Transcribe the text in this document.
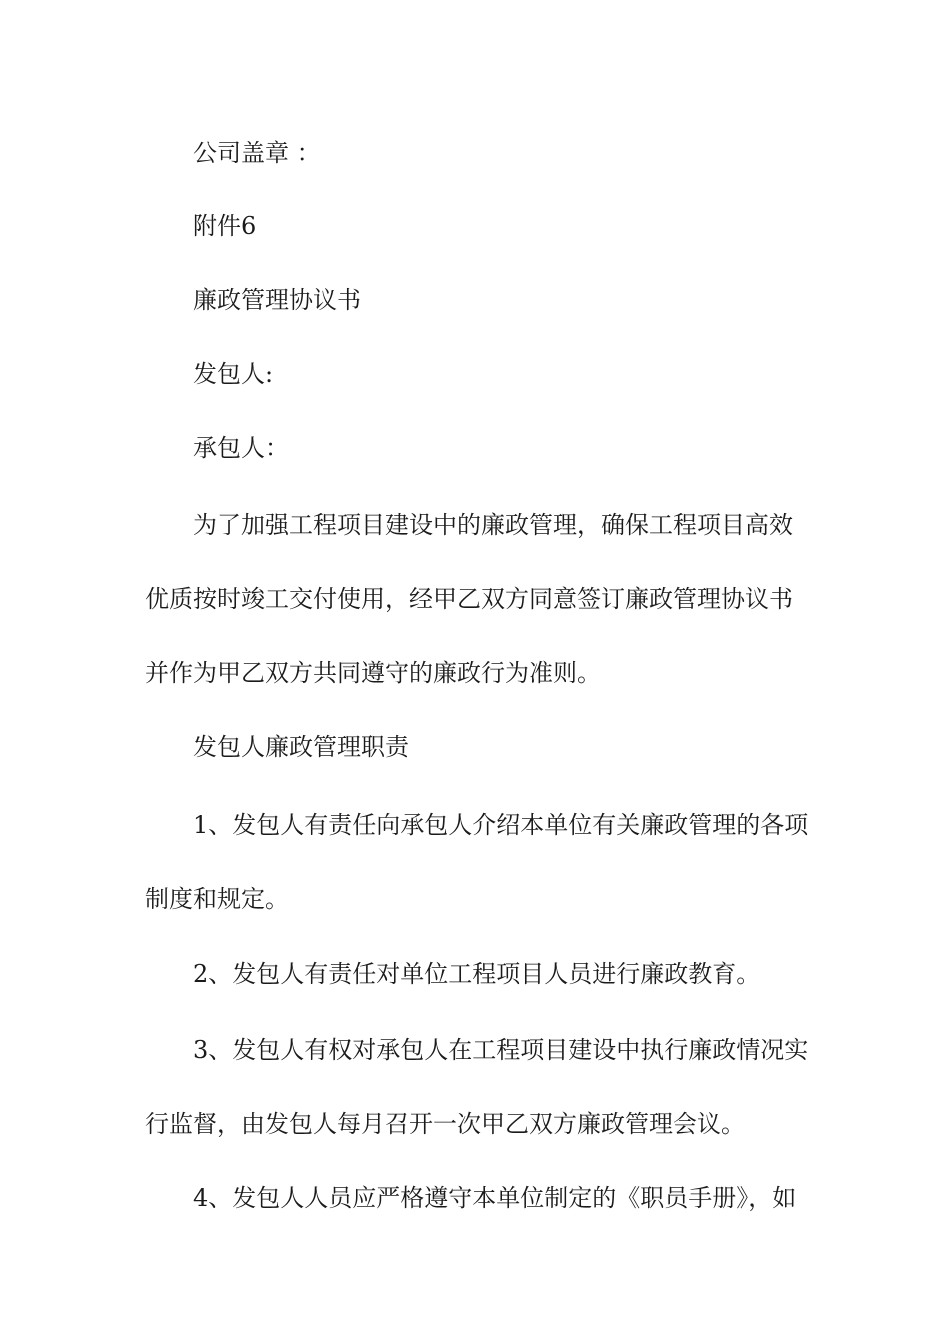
公司盖章 ：
附件6
廉政管理协议书
发包人:
承包人：
为了加强工程项目建设中的廉政管理，确保工程项目高效
优质按时竣工交付使用，经甲乙双方同意签订廉政管理协议书
并作为甲乙双方共同遵守的廉政行为准则。
发包人廉政管理职责
1、发包人有责任向承包人介绍本单位有关廉政管理的各项
制度和规定。
2、发包人有责任对单位工程项目人员进行廉政教育。
3、发包人有权对承包人在工程项目建设中执行廉政情况实
行监督，由发包人每月召开一次甲乙双方廉政管理会议。
4、发包人人员应严格遵守本单位制定的《职员手册》，如
